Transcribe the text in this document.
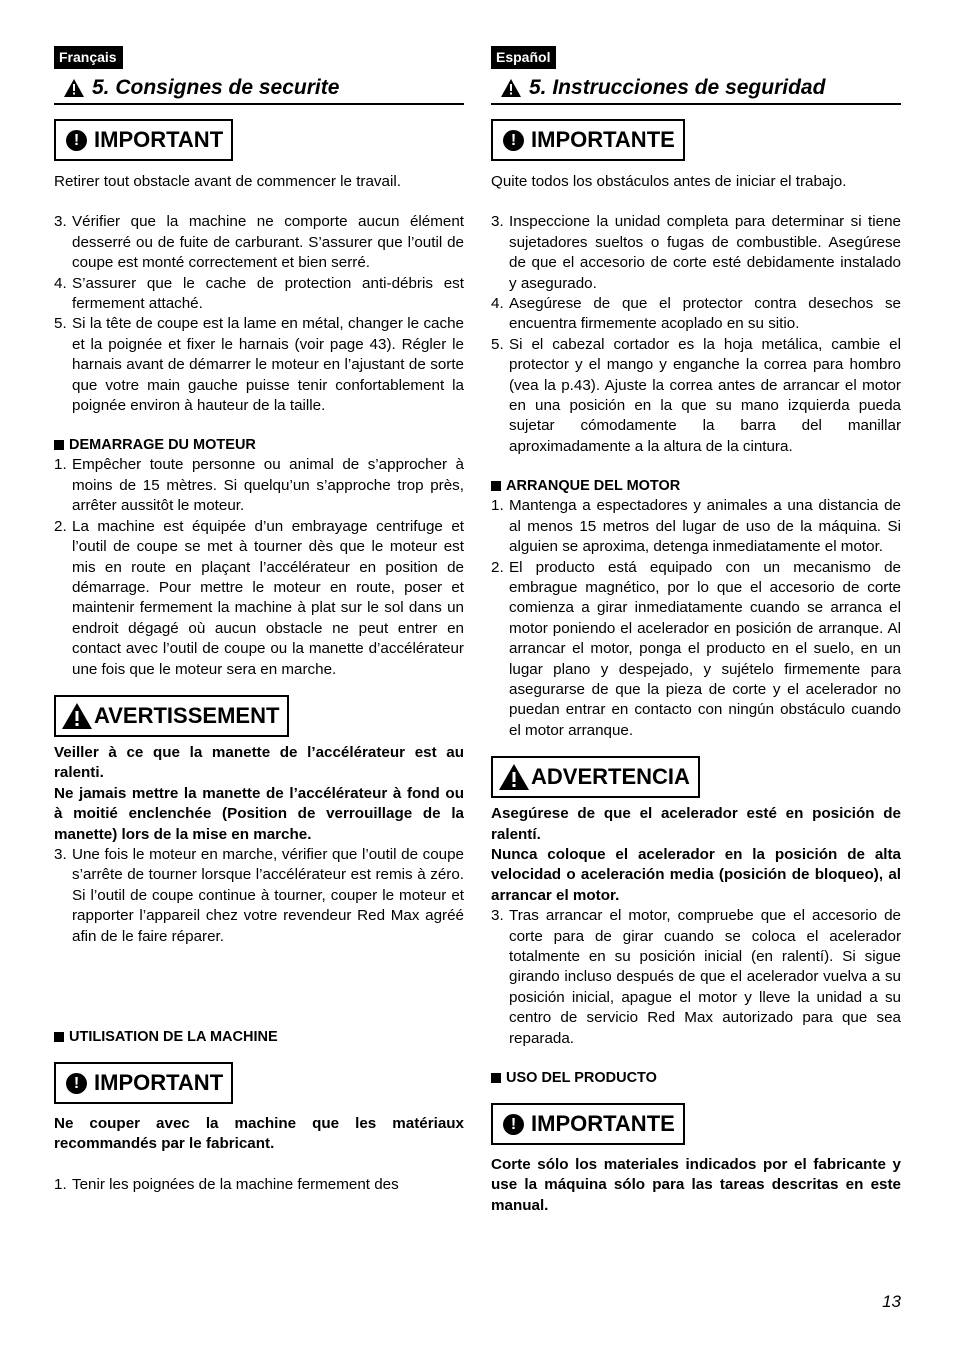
Français
5. Consignes de securite
! IMPORTANT

Retirer tout obstacle avant de commencer le travail.

3. Vérifier que la machine ne comporte aucun élément desserré ou de fuite de carburant. S’assurer que l’outil de coupe est monté correctement et bien serré.
4. S’assurer que le cache de protection anti-débris est fermement attaché.
5. Si la tête de coupe est la lame en métal, changer le cache et la poignée et fixer le harnais (voir page 43). Régler le harnais avant de démarrer le moteur en l’ajustant de sorte que votre main gauche puisse tenir confortablement la poignée environ à hauteur de la taille.
DEMARRAGE DU MOTEUR
1. Empêcher toute personne ou animal de s’approcher à moins de 15 mètres. Si quelqu’un s’approche trop près, arrêter aussitôt le moteur.
2. La machine est équipée d’un embrayage centrifuge et l’outil de coupe se met à tourner dès que le moteur est mis en route en plaçant l’accélérateur en position de démarrage. Pour mettre le moteur en route, poser et maintenir fermement la machine à plat sur le sol dans un endroit dégagé où aucun obstacle ne peut entrer en contact avec l’outil de coupe ou la manette d’accélérateur une fois que le moteur sera en marche.
AVERTISSEMENT

Veiller à ce que la manette de l’accélérateur est au ralenti.

Ne jamais mettre la manette de l’accélérateur à fond ou à moitié enclenchée (Position de verrouillage de la manette) lors de la mise en marche.

3. Une fois le moteur en marche, vérifier que l’outil de coupe s’arrête de tourner lorsque l’accélérateur est remis à zéro. Si l’outil de coupe continue à tourner, couper le moteur et rapporter l’appareil chez votre revendeur Red Max agréé afin de le faire réparer.
UTILISATION DE LA MACHINE
! IMPORTANT

Ne couper avec la machine que les matériaux recommandés par le fabricant.

1. Tenir les poignées de la machine fermement des
Español
5. Instrucciones de seguridad
! IMPORTANTE

Quite todos los obstáculos antes de iniciar el trabajo.

3. Inspeccione la unidad completa para determinar si tiene sujetadores sueltos o fugas de combustible. Asegúrese de que el accesorio de corte esté debidamente instalado y asegurado.
4. Asegúrese de que el protector contra desechos se encuentra firmemente acoplado en su sitio.
5. Si el cabezal cortador es la hoja metálica, cambie el protector y el mango y enganche la correa para hombro (vea la p.43). Ajuste la correa antes de arrancar el motor en una posición en la que su mano izquierda pueda sujetar cómodamente la barra del manillar aproximadamente a la altura de la cintura.
ARRANQUE DEL MOTOR
1. Mantenga a espectadores y animales a una distancia de al menos 15 metros del lugar de uso de la máquina. Si alguien se aproxima, detenga inmediatamente el motor.
2. El producto está equipado con un mecanismo de embrague magnético, por lo que el accesorio de corte comienza a girar inmediatamente cuando se arranca el motor poniendo el acelerador en posición de arranque. Al arrancar el motor, ponga el producto en el suelo, en un lugar plano y despejado, y sujételo firmemente para asegurarse de que la pieza de corte y el acelerador no puedan entrar en contacto con ningún obstáculo cuando el motor arranque.
ADVERTENCIA

Asegúrese de que el acelerador esté en posición de ralentí.

Nunca coloque el acelerador en la posición de alta velocidad o aceleración media (posición de bloqueo), al arrancar el motor.

3. Tras arrancar el motor, compruebe que el accesorio de corte para de girar cuando se coloca el acelerador totalmente en su posición inicial (en ralentí). Si sigue girando incluso después de que el acelerador vuelva a su posición inicial, apague el motor y lleve la unidad a su centro de servicio Red Max autorizado para que sea reparada.
USO DEL PRODUCTO
! IMPORTANTE

Corte sólo los materiales indicados por el fabricante y use la máquina sólo para las tareas descritas en este manual.

13
